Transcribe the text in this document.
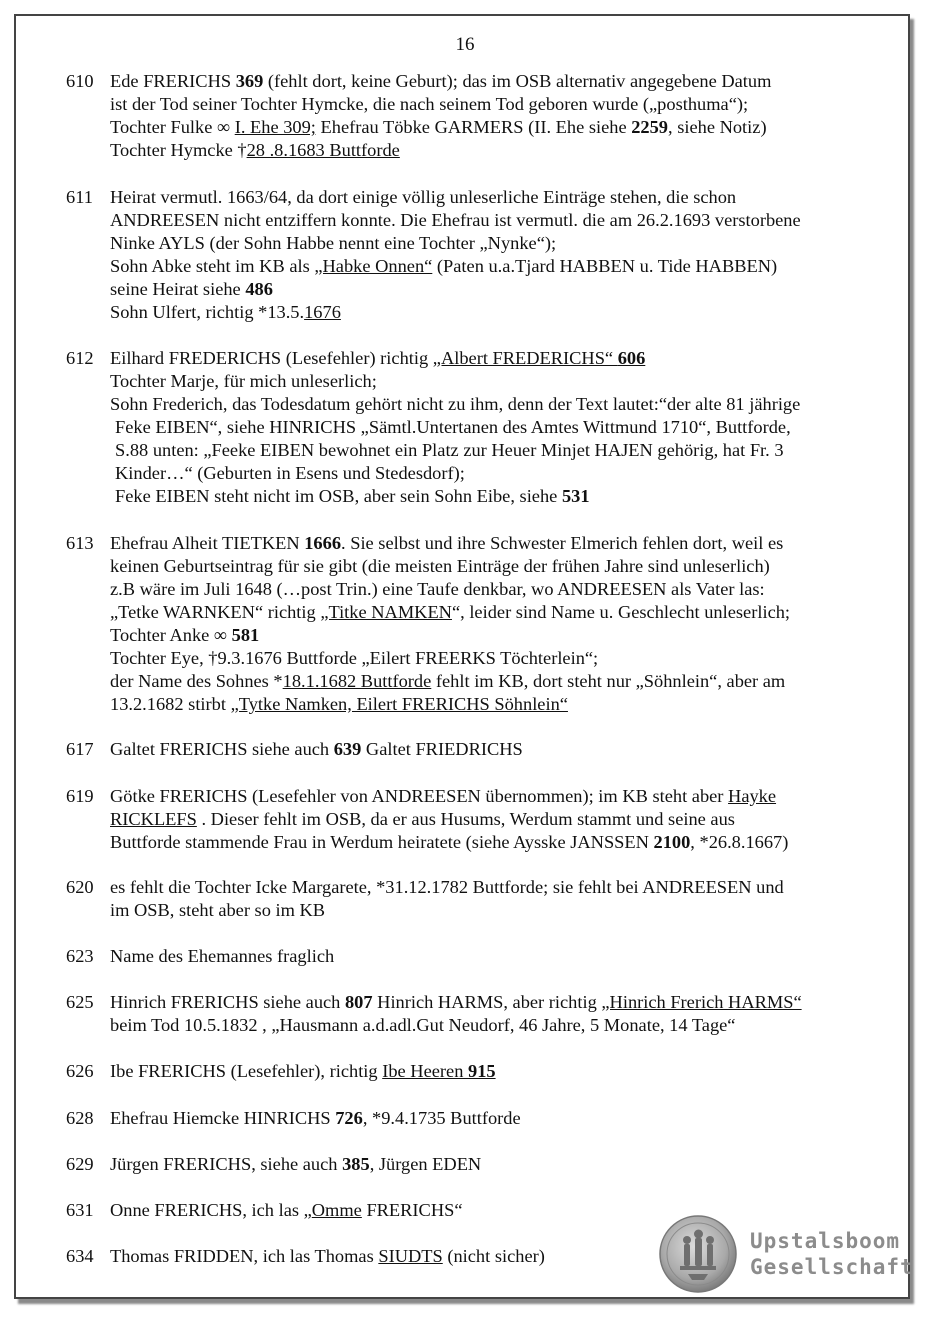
16
610 Ede FRERICHS 369 (fehlt dort, keine Geburt); das im OSB alternativ angegebene Datum
ist der Tod seiner Tochter Hymcke, die nach seinem Tod geboren wurde („posthuma“);
Tochter Fulke ∞ I. Ehe 309; Ehefrau Töbke GARMERS (II. Ehe siehe 2259, siehe Notiz)
Tochter Hymcke †28 .8.1683 Buttforde
611 Heirat vermutl. 1663/64, da dort einige völlig unleserliche Einträge stehen, die schon
ANDREESEN nicht entziffern konnte. Die Ehefrau ist vermutl. die am 26.2.1693 verstorbene
Ninke AYLS (der Sohn Habbe nennt eine Tochter „Nynke“);
Sohn Abke steht im KB als „Habke Onnen“ (Paten u.a.Tjard HABBEN u. Tide HABBEN)
seine Heirat siehe 486
Sohn Ulfert, richtig *13.5.1676
612 Eilhard FREDERICHS (Lesefehler) richtig „Albert FREDERICHS“ 606
Tochter Marje, für mich unleserlich;
Sohn Frederich, das Todesdatum gehört nicht zu ihm, denn der Text lautet:“der alte 81 jährige
Feke EIBEN“, siehe HINRICHS „Sämtl.Untertanen des Amtes Wittmund 1710“, Buttforde,
S.88 unten: „Feeke EIBEN bewohnet ein Platz zur Heuer Minjet HAJEN gehörig, hat Fr. 3
Kinder…“ (Geburten in Esens und Stedesdorf);
Feke EIBEN steht nicht im OSB, aber sein Sohn Eibe, siehe 531
613 Ehefrau Alheit TIETKEN 1666. Sie selbst und ihre Schwester Elmerich fehlen dort, weil es
keinen Geburtseintrag für sie gibt (die meisten Einträge der frühen Jahre sind unleserlich)
z.B wäre im Juli 1648 (…post Trin.) eine Taufe denkbar, wo ANDREESEN als Vater las:
„Tetke WARNKEN“ richtig „Titke NAMKEN“, leider sind Name u. Geschlecht unleserlich;
Tochter Anke ∞ 581
Tochter Eye, †9.3.1676 Buttforde „Eilert FREERKS Töchterlein“;
der Name des Sohnes *18.1.1682 Buttforde fehlt im KB, dort steht nur „Söhnlein“, aber am
13.2.1682 stirbt „Tytke Namken, Eilert FRERICHS Söhnlein“
617 Galtet FRERICHS siehe auch 639 Galtet FRIEDRICHS
619 Götke FRERICHS (Lesefehler von ANDREESEN übernommen); im KB steht aber Hayke
RICKLEFS . Dieser fehlt im OSB, da er aus Husums, Werdum stammt und seine aus
Buttforde stammende Frau in Werdum heiratete (siehe Aysske JANSSEN 2100, *26.8.1667)
620 es fehlt die Tochter Icke Margarete, *31.12.1782 Buttforde; sie fehlt bei ANDREESEN und
im OSB, steht aber so im KB
623 Name des Ehemannes fraglich
625 Hinrich FRERICHS siehe auch 807 Hinrich HARMS, aber richtig „Hinrich Frerich HARMS“
beim Tod 10.5.1832 , „Hausmann a.d.adl.Gut Neudorf, 46 Jahre, 5 Monate, 14 Tage“
626 Ibe FRERICHS (Lesefehler), richtig Ibe Heeren 915
628 Ehefrau Hiemcke HINRICHS 726, *9.4.1735 Buttforde
629 Jürgen FRERICHS, siehe auch 385, Jürgen EDEN
631 Onne FRERICHS, ich las „Omme FRERICHS“
634 Thomas FRIDDEN, ich las Thomas SIUDTS (nicht sicher)
Upstalsboom
Gesellschaft
